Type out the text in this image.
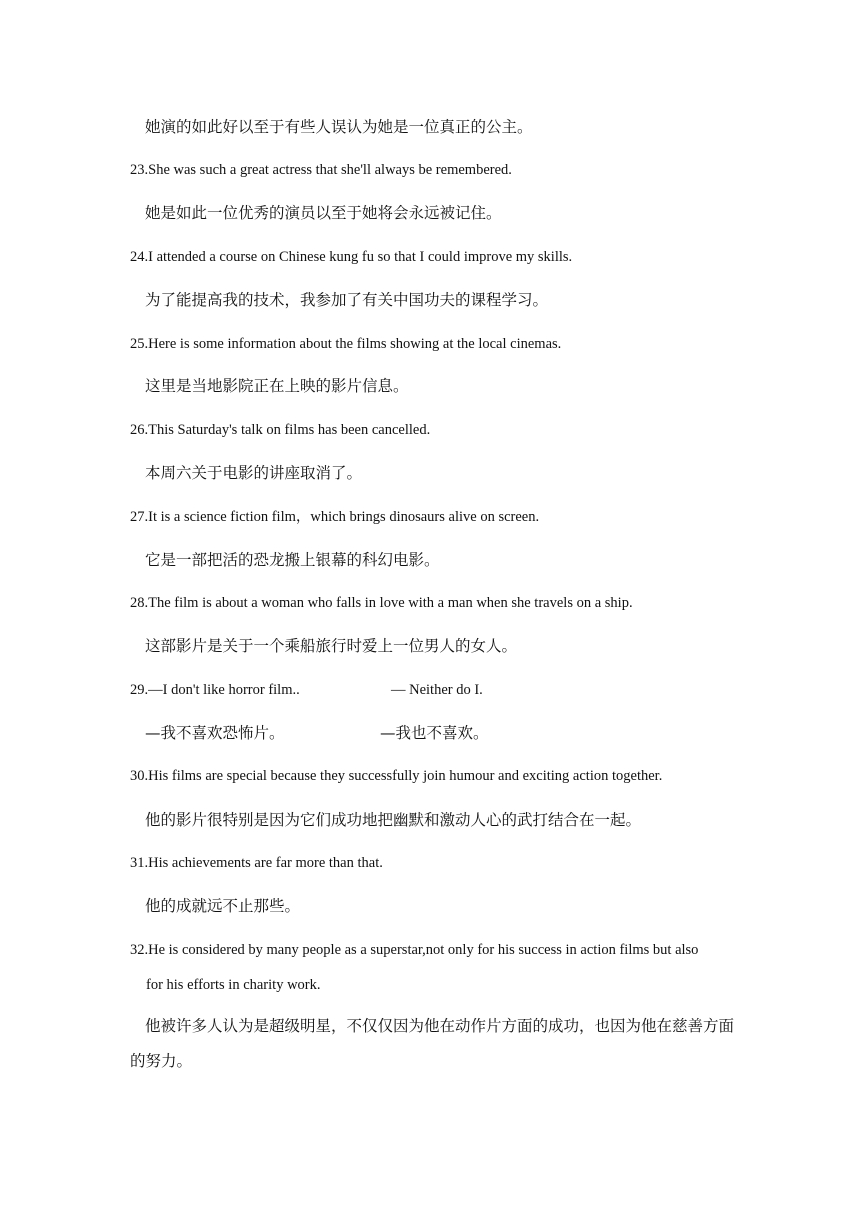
她演的如此好以至于有些人误认为她是一位真正的公主。
23.She was such a great actress that she'll always be remembered.
她是如此一位优秀的演员以至于她将会永远被记住。
24.I attended a course on Chinese kung fu so that I could improve my skills.
为了能提高我的技术，我参加了有关中国功夫的课程学习。
25.Here is some information about the films showing at the local cinemas.
这里是当地影院正在上映的影片信息。
26.This Saturday's talk on films has been cancelled.
本周六关于电影的讲座取消了。
27.It is a science fiction film，which brings dinosaurs alive on screen.
它是一部把活的恐龙搬上银幕的科幻电影。
28.The film is about a woman who falls in love with a man when she travels on a ship.
这部影片是关于一个乘船旅行时爱上一位男人的女人。
29.—I don't like horror film..	— Neither do I.
—我不喜欢恐怖片。	—我也不喜欢。
30.His films are special because they successfully join humour and exciting action together.
他的影片很特别是因为它们成功地把幽默和激动人心的武打结合在一起。
31.His achievements are far more than that.
他的成就远不止那些。
32.He is considered by many people as a superstar,not only for his success in action films but also
for his efforts in charity work.
他被许多人认为是超级明星，不仅仅因为他在动作片方面的成功，也因为他在慈善方面的努力。
